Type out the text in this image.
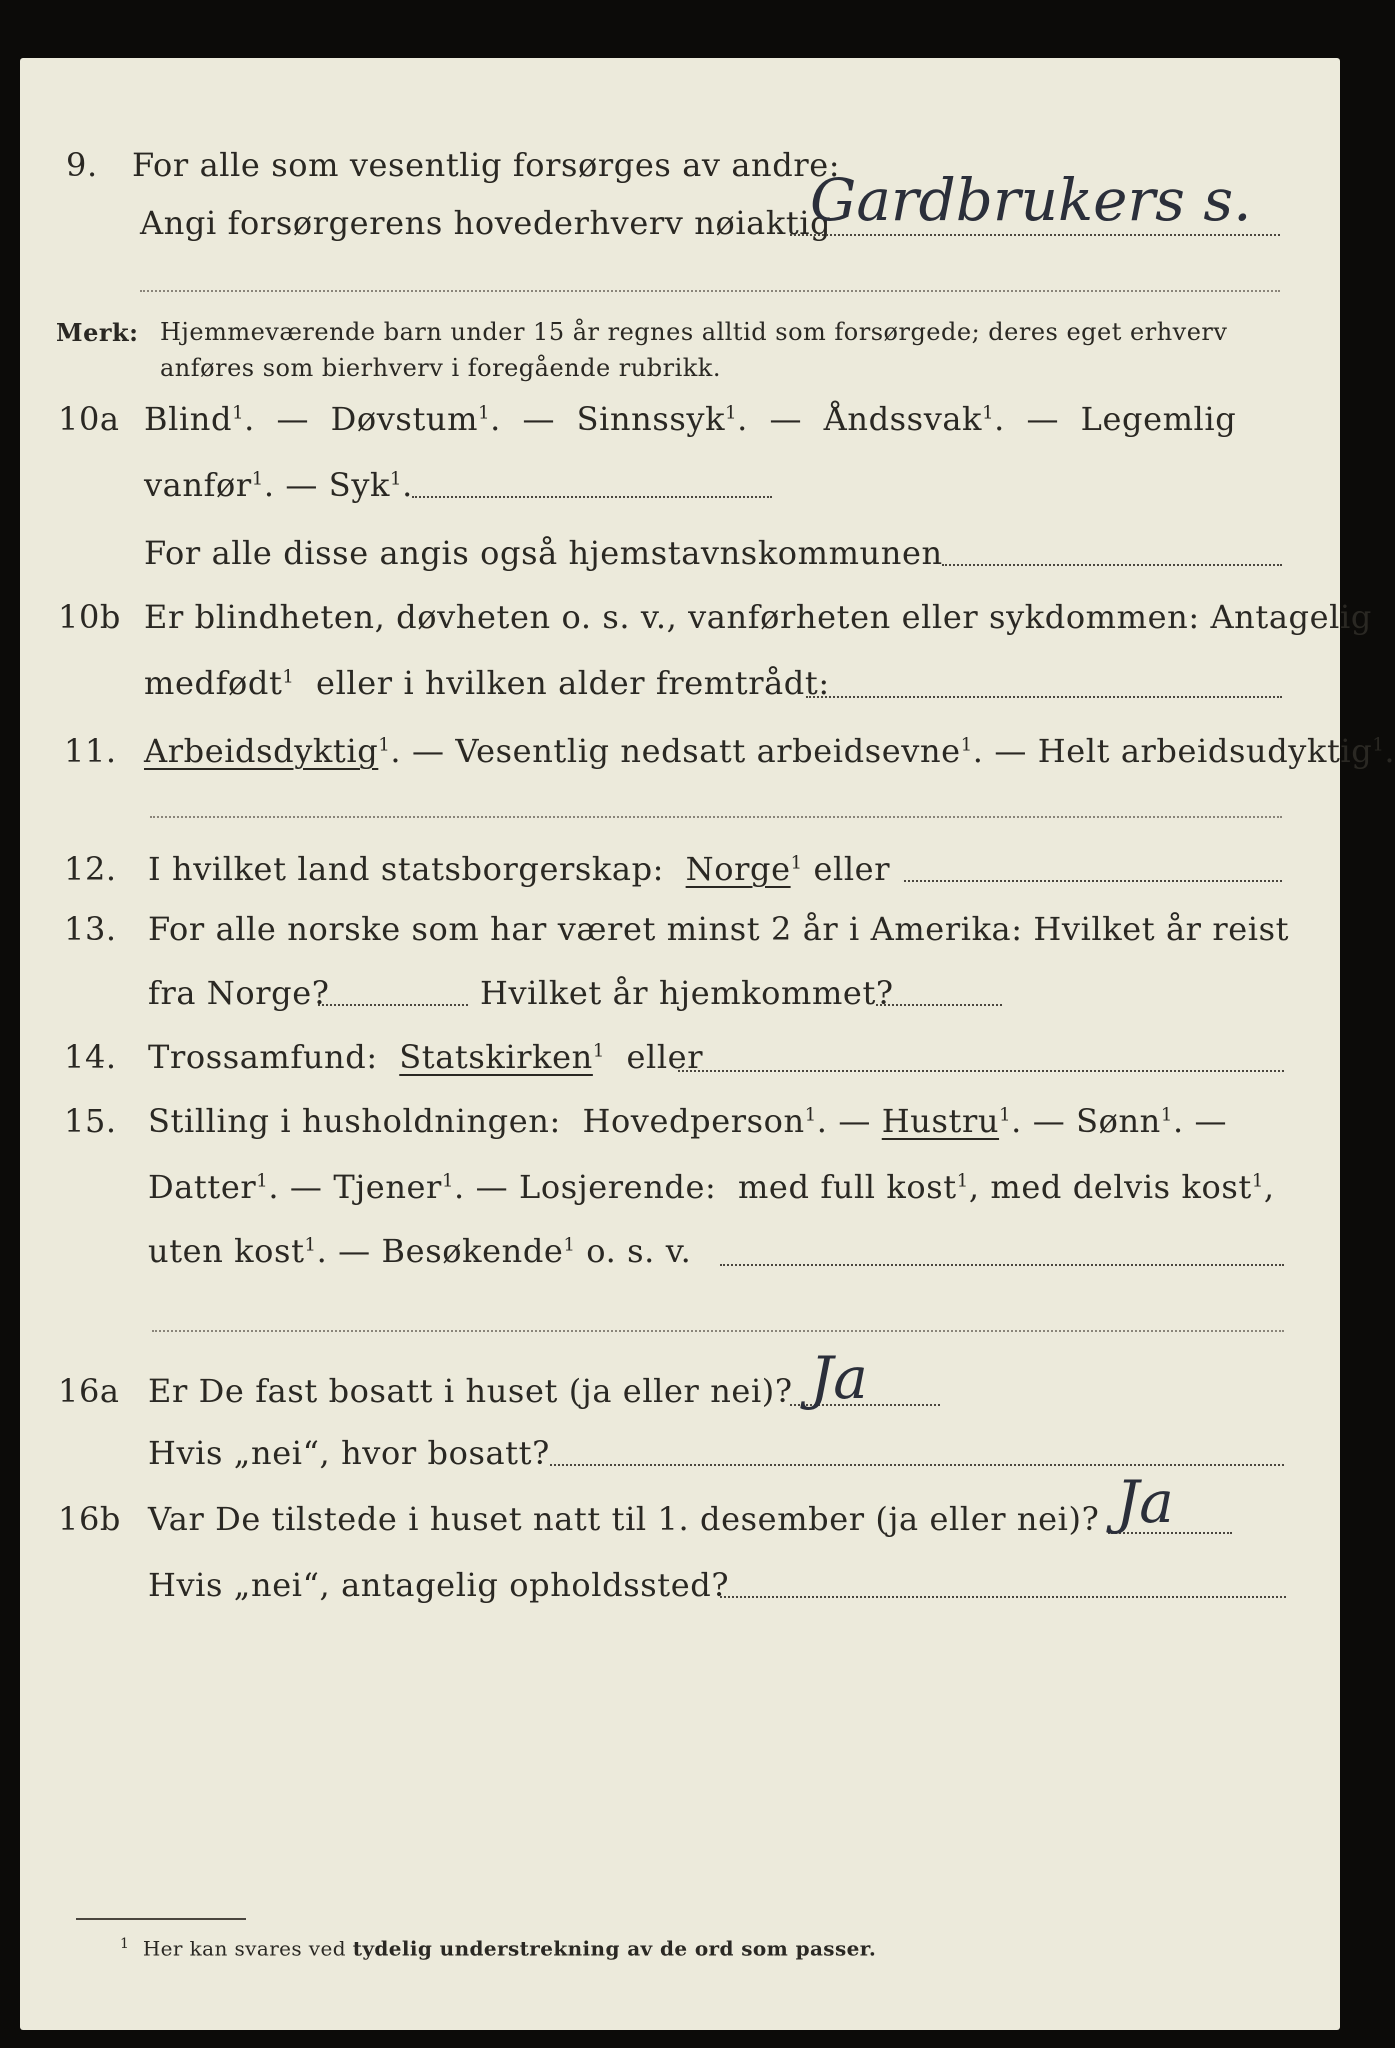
9. For alle som vesentlig forsørges av andre:
Angi forsørgerens hovederhverv nøiaktig
Gardbrukers s.
Merk: Hjemmeværende barn under 15 år regnes alltid som forsørgede; deres eget erhverv
anføres som bierhverv i foregående rubrikk.
10a Blind$^1$. — Døvstum$^1$. — Sinnssyk$^1$. — Åndssvak$^1$. — Legemlig
vanfør$^1$. — Syk$^1$.
For alle disse angis også hjemstavnskommunen
10b Er blindheten, døvheten o. s. v., vanførheten eller sykdommen: Antagelig
medfødt$^1$ eller i hvilken alder fremtrådt:
11. Arbeidsdyktig$^1$. — Vesentlig nedsatt arbeidsevne$^1$. — Helt arbeidsudyktig$^1$.
12. I hvilket land statsborgerskap: Norge$^1$ eller
13. For alle norske som har været minst 2 år i Amerika: Hvilket år reist
fra Norge?	Hvilket år hjemkommet?
14. Trossamfund: Statskirken$^1$ eller
15. Stilling i husholdningen: Hovedperson$^1$. — Hustru$^1$. — Sønn$^1$. —
Datter$^1$. — Tjener$^1$. — Losjerende: med full kost$^1$, med delvis kost$^1$,
uten kost$^1$. — Besøkende$^1$ o. s. v.
16a Er De fast bosatt i huset (ja eller nei)? Ja
Hvis „nei“, hvor bosatt?
16b Var De tilstede i huset natt til 1. desember (ja eller nei)? Ja
Hvis „nei“, antagelig opholdssted?
$^1$ Her kan svares ved tydelig understrekning av de ord som passer.
